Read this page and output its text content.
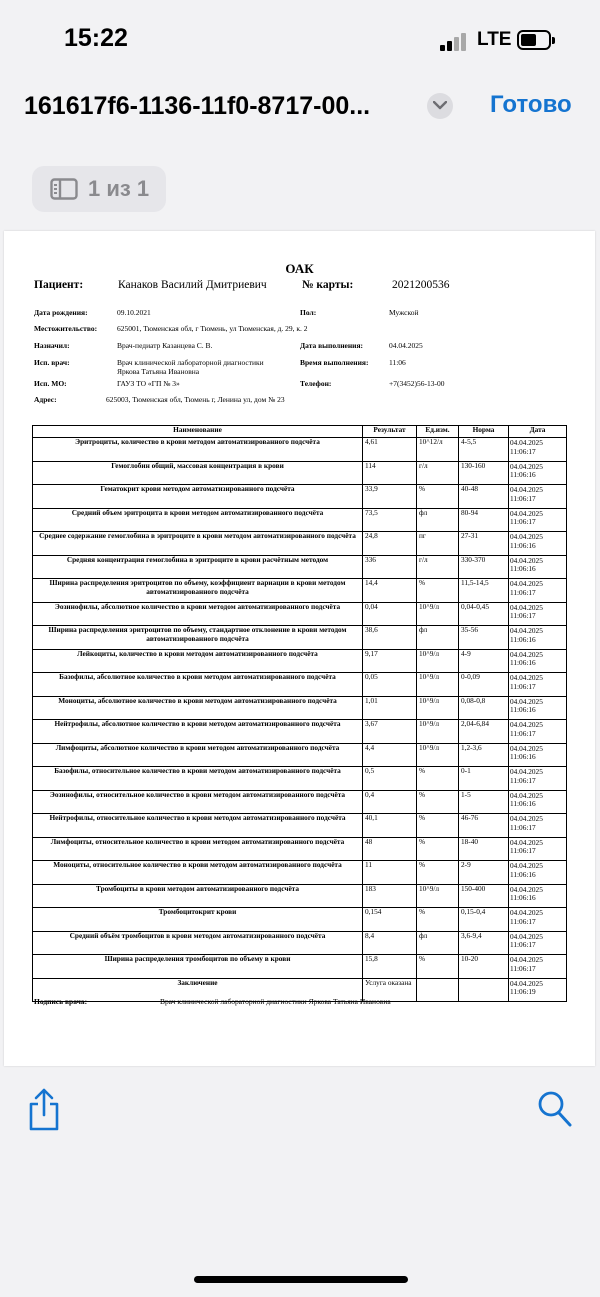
15:22	LTE
161617f6-1136-11f0-8717-00...	Готово
1 из 1
ОАК
Пациент:	Канаков Василий Дмитриевич	№ карты:	2021200536
Дата рождения:	09.10.2021	Пол:	Мужской
Местожительство:	625001, Тюменская обл, г Тюмень, ул Тюменская, д. 29, к. 2
Назначил:	Врач-педиатр Казанцева С. В.	Дата выполнения:	04.04.2025
Исп. врач:	Врач клинической лабораторной диагностики
Яркова Татьяна Ивановна
Время выполнения:	11:06
Исп. МО:	ГАУЗ ТО «ГП № 3»	Телефон:	+7(3452)56-13-00
Адрес:	625003, Тюменская обл, Тюмень г, Ленина ул, дом № 23
Наименование	Результат	Ед.изм.	Норма	Дата
Эритроциты, количество в крови методом автоматизированного подсчёта	4,61	10^12/л	4-5,5	04.04.2025
11:06:17

Гемоглобин общий, массовая концентрация в крови	114	г/л	130-160	04.04.2025
11:06:16

Гематокрит крови методом автоматизированного подсчёта	33,9	%	40-48	04.04.2025
11:06:17

Средний объем эритроцита в крови методом автоматизированного подсчёта	73,5	фл	80-94	04.04.2025
11:06:17

Среднее содержание гемоглобина в эритроците в крови методом автоматизированного подсчёта	24,8	пг	27-31	04.04.2025
11:06:16

Средняя концентрация гемоглобина в эритроците в крови расчётным методом	336	г/л	330-370	04.04.2025
11:06:16

Ширина распределения эритроцитов по объему, коэффициент вариации в крови методом автоматизированного подсчёта	14,4	%	11,5-14,5	04.04.2025
11:06:17

Эозинофилы, абсолютное количество в крови методом автоматизированного подсчёта	0,04	10^9/л	0,04-0,45	04.04.2025
11:06:17

Ширина распределения эритроцитов по объему, стандартное отклонение в крови методом автоматизированного подсчёта	38,6	фл	35-56	04.04.2025
11:06:16

Лейкоциты, количество в крови методом автоматизированного подсчёта	9,17	10^9/л	4-9	04.04.2025
11:06:16

Базофилы, абсолютное количество в крови методом автоматизированного подсчёта	0,05	10^9/л	0-0,09	04.04.2025
11:06:17

Моноциты, абсолютное количество в крови методом автоматизированного подсчёта	1,01	10^9/л	0,08-0,8	04.04.2025
11:06:16

Нейтрофилы, абсолютное количество в крови методом автоматизированного подсчёта	3,67	10^9/л	2,04-6,84	04.04.2025
11:06:17

Лимфоциты, абсолютное количество в крови методом автоматизированного подсчёта	4,4	10^9/л	1,2-3,6	04.04.2025
11:06:16

Базофилы, относительное количество в крови методом автоматизированного подсчёта	0,5	%	0-1	04.04.2025
11:06:17

Эозинофилы, относительное количество в крови методом автоматизированного подсчёта	0,4	%	1-5	04.04.2025
11:06:16

Нейтрофилы, относительное количество в крови методом автоматизированного подсчёта	40,1	%	46-76	04.04.2025
11:06:17

Лимфоциты, относительное количество в крови методом автоматизированного подсчёта	48	%	18-40	04.04.2025
11:06:17

Моноциты, относительное количество в крови методом автоматизированного подсчёта	11	%	2-9	04.04.2025
11:06:16

Тромбоциты в крови методом автоматизированного подсчёта	183	10^9/л	150-400	04.04.2025
11:06:16

Тромбоцитокрит крови	0,154	%	0,15-0,4	04.04.2025
11:06:17

Средний объём тромбоцитов в крови методом автоматизированного подсчёта	8,4	фл	3,6-9,4	04.04.2025
11:06:17

Ширина распределения тромбоцитов по объему в крови	15,8	%	10-20	04.04.2025
11:06:17

Заключение	Услуга оказана			04.04.2025
11:06:19
Подпись врача:	Врач клинической лабораторной диагностики Яркова Татьяна Ивановна
